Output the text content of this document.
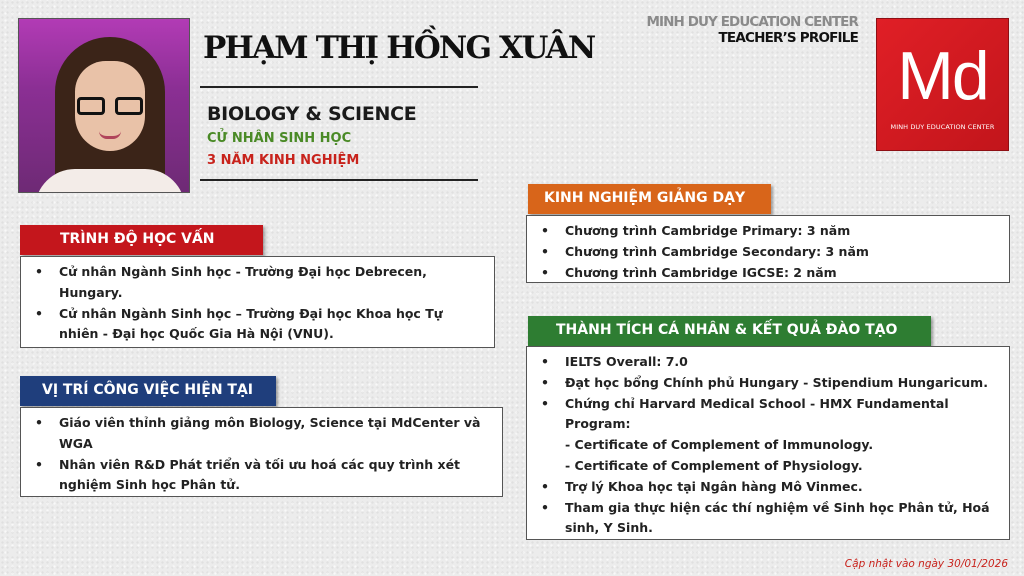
PHẠM THỊ HỒNG XUÂN
BIOLOGY & SCIENCE
CỬ NHÂN SINH HỌC
3 NĂM KINH NGHIỆM
MINH DUY EDUCATION CENTER
TEACHER’S PROFILE Md
MINH DUY EDUCATION CENTER
TRÌNH ĐỘ HỌC VẤN
• Cử nhân Ngành Sinh học - Trường Đại học Debrecen, Hungary.
• Cử nhân Ngành Sinh học – Trường Đại học Khoa học Tự nhiên - Đại học Quốc Gia Hà Nội (VNU).
VỊ TRÍ CÔNG VIỆC HIỆN TẠI
• Giáo viên thỉnh giảng môn Biology, Science tại MdCenter và WGA
• Nhân viên R&D Phát triển và tối ưu hoá các quy trình xét nghiệm Sinh học Phân tử.
KINH NGHIỆM GIẢNG DẠY
• Chương trình Cambridge Primary: 3 năm
• Chương trình Cambridge Secondary: 3 năm
• Chương trình Cambridge IGCSE: 2 năm
THÀNH TÍCH CÁ NHÂN & KẾT QUẢ ĐÀO TẠO
• IELTS Overall: 7.0
• Đạt học bổng Chính phủ Hungary - Stipendium Hungaricum.
• Chứng chỉ Harvard Medical School - HMX Fundamental Program:
- Certificate of Complement of Immunology.
- Certificate of Complement of Physiology.
• Trợ lý Khoa học tại Ngân hàng Mô Vinmec.
• Tham gia thực hiện các thí nghiệm về Sinh học Phân tử, Hoá sinh, Y Sinh.
Cập nhật vào ngày 30/01/2026
